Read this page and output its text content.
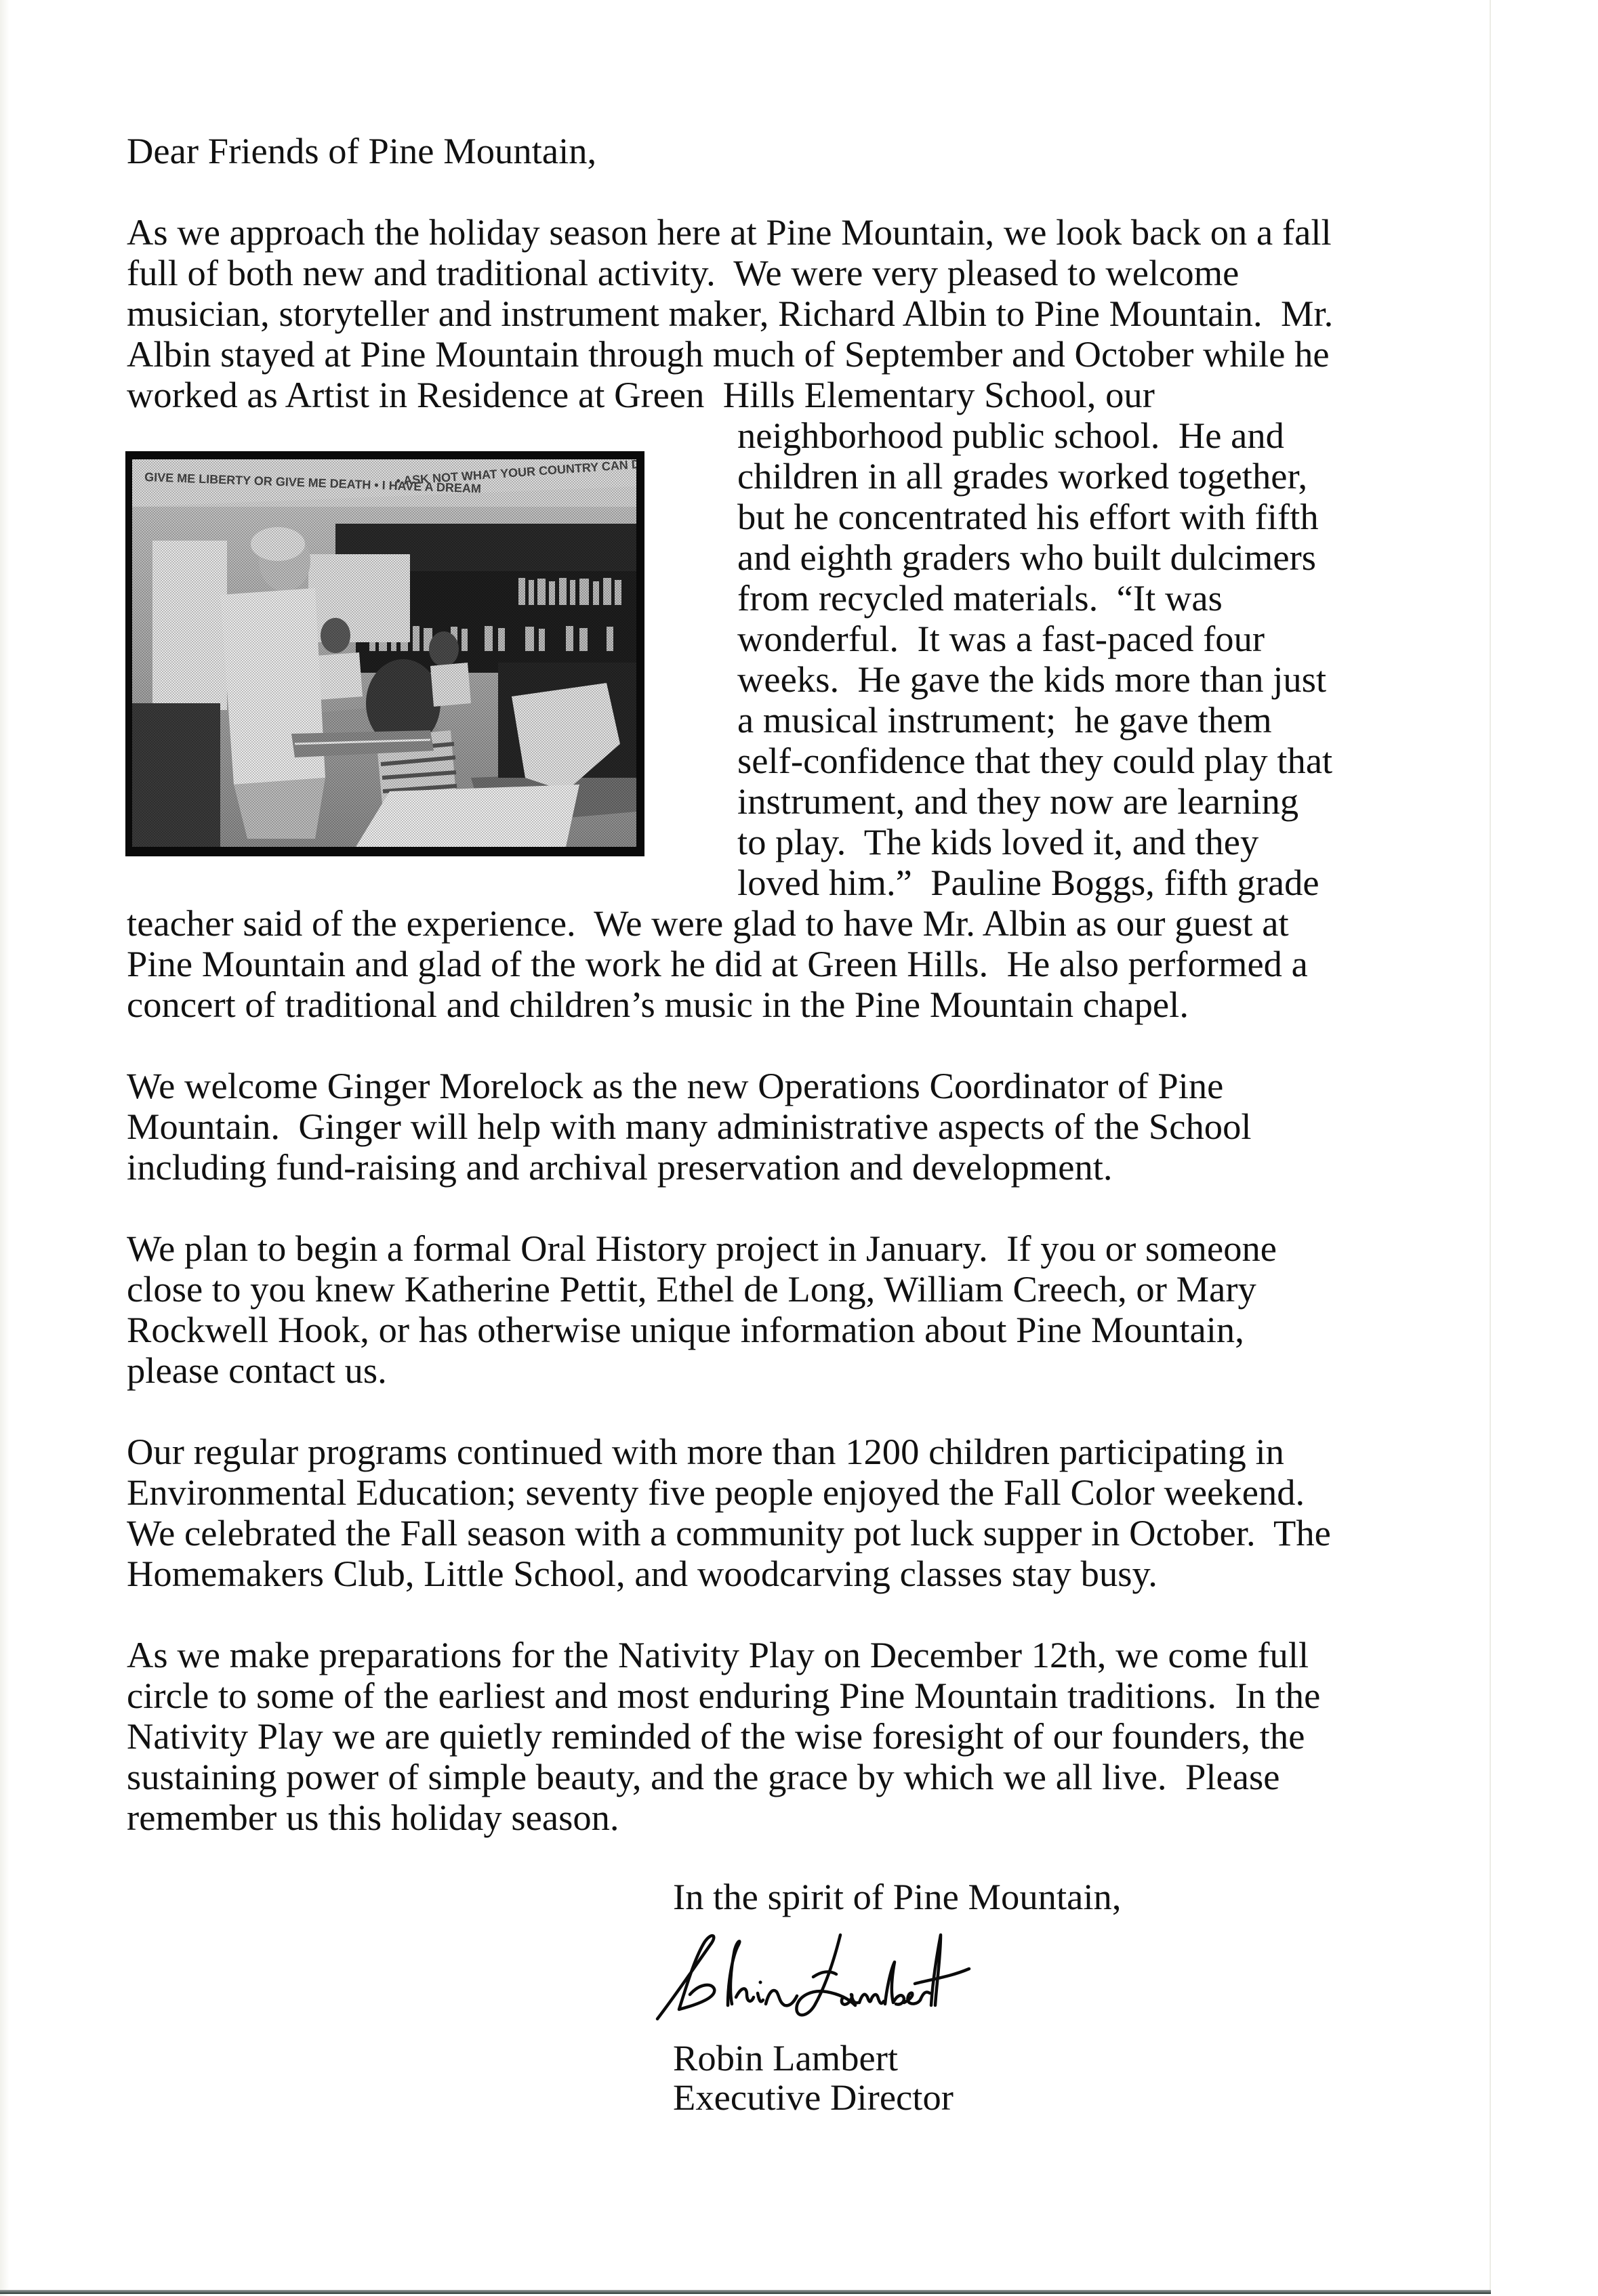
Dear Friends of Pine Mountain,
As we approach the holiday season here at Pine Mountain, we look back on a fall
full of both new and traditional activity.  We were very pleased to welcome
musician, storyteller and instrument maker, Richard Albin to Pine Mountain.  Mr.
Albin stayed at Pine Mountain through much of September and October while he
worked as Artist in Residence at Green  Hills Elementary School, our
neighborhood public school.  He and
children in all grades worked together,
but he concentrated his effort with fifth
and eighth graders who built dulcimers
from recycled materials.  “It was
wonderful.  It was a fast-paced four
weeks.  He gave the kids more than just
a musical instrument;  he gave them
self-confidence that they could play that
instrument, and they now are learning
to play.  The kids loved it, and they
loved him.”  Pauline Boggs, fifth grade
teacher said of the experience.  We were glad to have Mr. Albin as our guest at
Pine Mountain and glad of the work he did at Green Hills.  He also performed a
concert of traditional and children’s music in the Pine Mountain chapel.
We welcome Ginger Morelock as the new Operations Coordinator of Pine
Mountain.  Ginger will help with many administrative aspects of the School
including fund-raising and archival preservation and development.
We plan to begin a formal Oral History project in January.  If you or someone
close to you knew Katherine Pettit, Ethel de Long, William Creech, or Mary
Rockwell Hook, or has otherwise unique information about Pine Mountain,
please contact us.
Our regular programs continued with more than 1200 children participating in
Environmental Education; seventy five people enjoyed the Fall Color weekend.
We celebrated the Fall season with a community pot luck supper in October.  The
Homemakers Club, Little School, and woodcarving classes stay busy.
As we make preparations for the Nativity Play on December 12th, we come full
circle to some of the earliest and most enduring Pine Mountain traditions.  In the
Nativity Play we are quietly reminded of the wise foresight of our founders, the
sustaining power of simple beauty, and the grace by which we all live.  Please
remember us this holiday season.
In the spirit of Pine Mountain,
Robin Lambert
Executive Director
